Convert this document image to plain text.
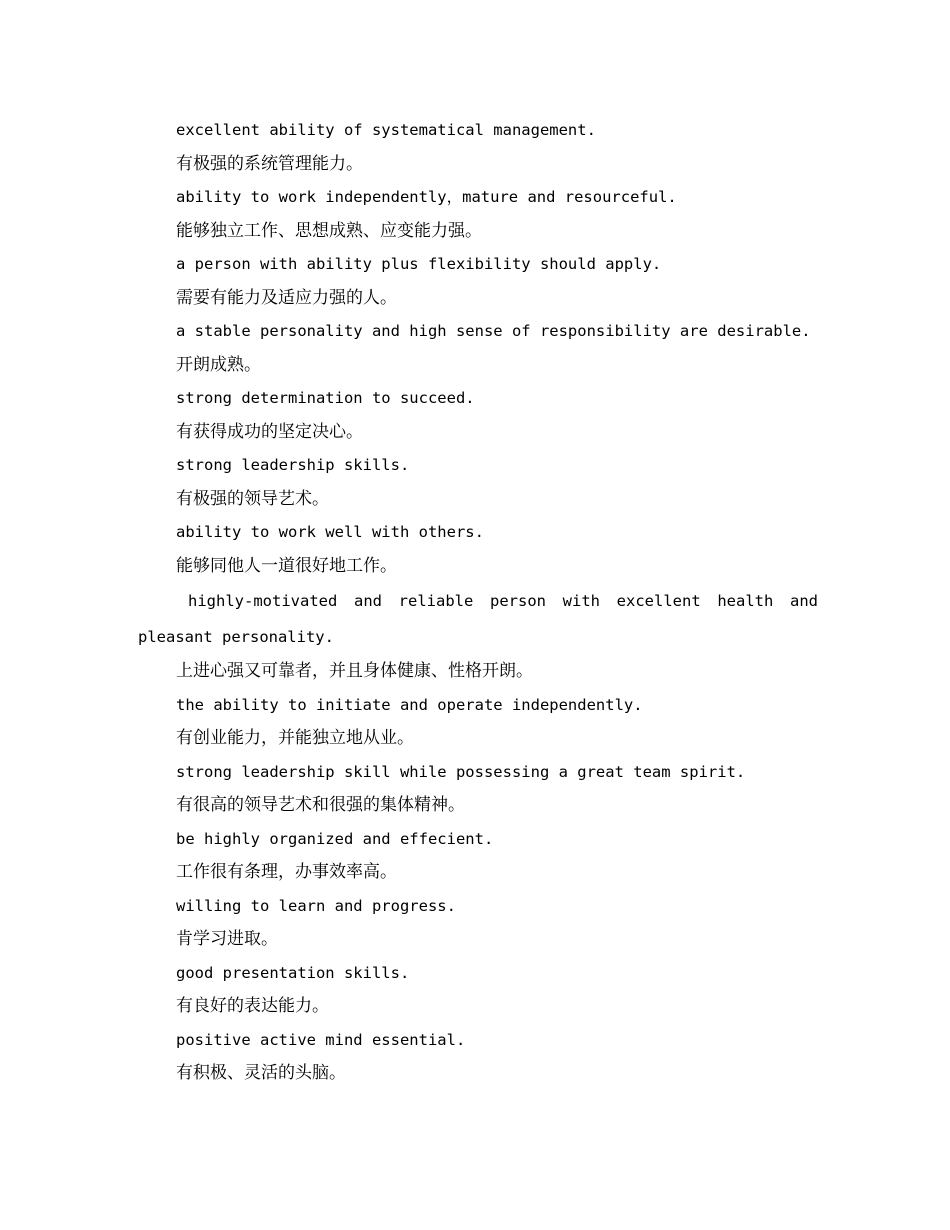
excellent ability of systematical management.

有极强的系统管理能力。

ability to work independently，mature and resourceful.

能够独立工作、思想成熟、应变能力强。

a person with ability plus flexibility should apply.

需要有能力及适应力强的人。

a stable personality and high sense of responsibility are desirable.

开朗成熟。

strong determination to succeed.

有获得成功的坚定决心。

strong leadership skills.

有极强的领导艺术。

ability to work well with others.

能够同他人一道很好地工作。

highly-motivated and reliable person with excellent health and pleasant personality.

上进心强又可靠者，并且身体健康、性格开朗。

the ability to initiate and operate independently.

有创业能力，并能独立地从业。

strong leadership skill while possessing a great team spirit.

有很高的领导艺术和很强的集体精神。

be highly organized and effecient.

工作很有条理，办事效率高。

willing to learn and progress.

肯学习进取。

good presentation skills.

有良好的表达能力。

positive active mind essential.

有积极、灵活的头脑。
